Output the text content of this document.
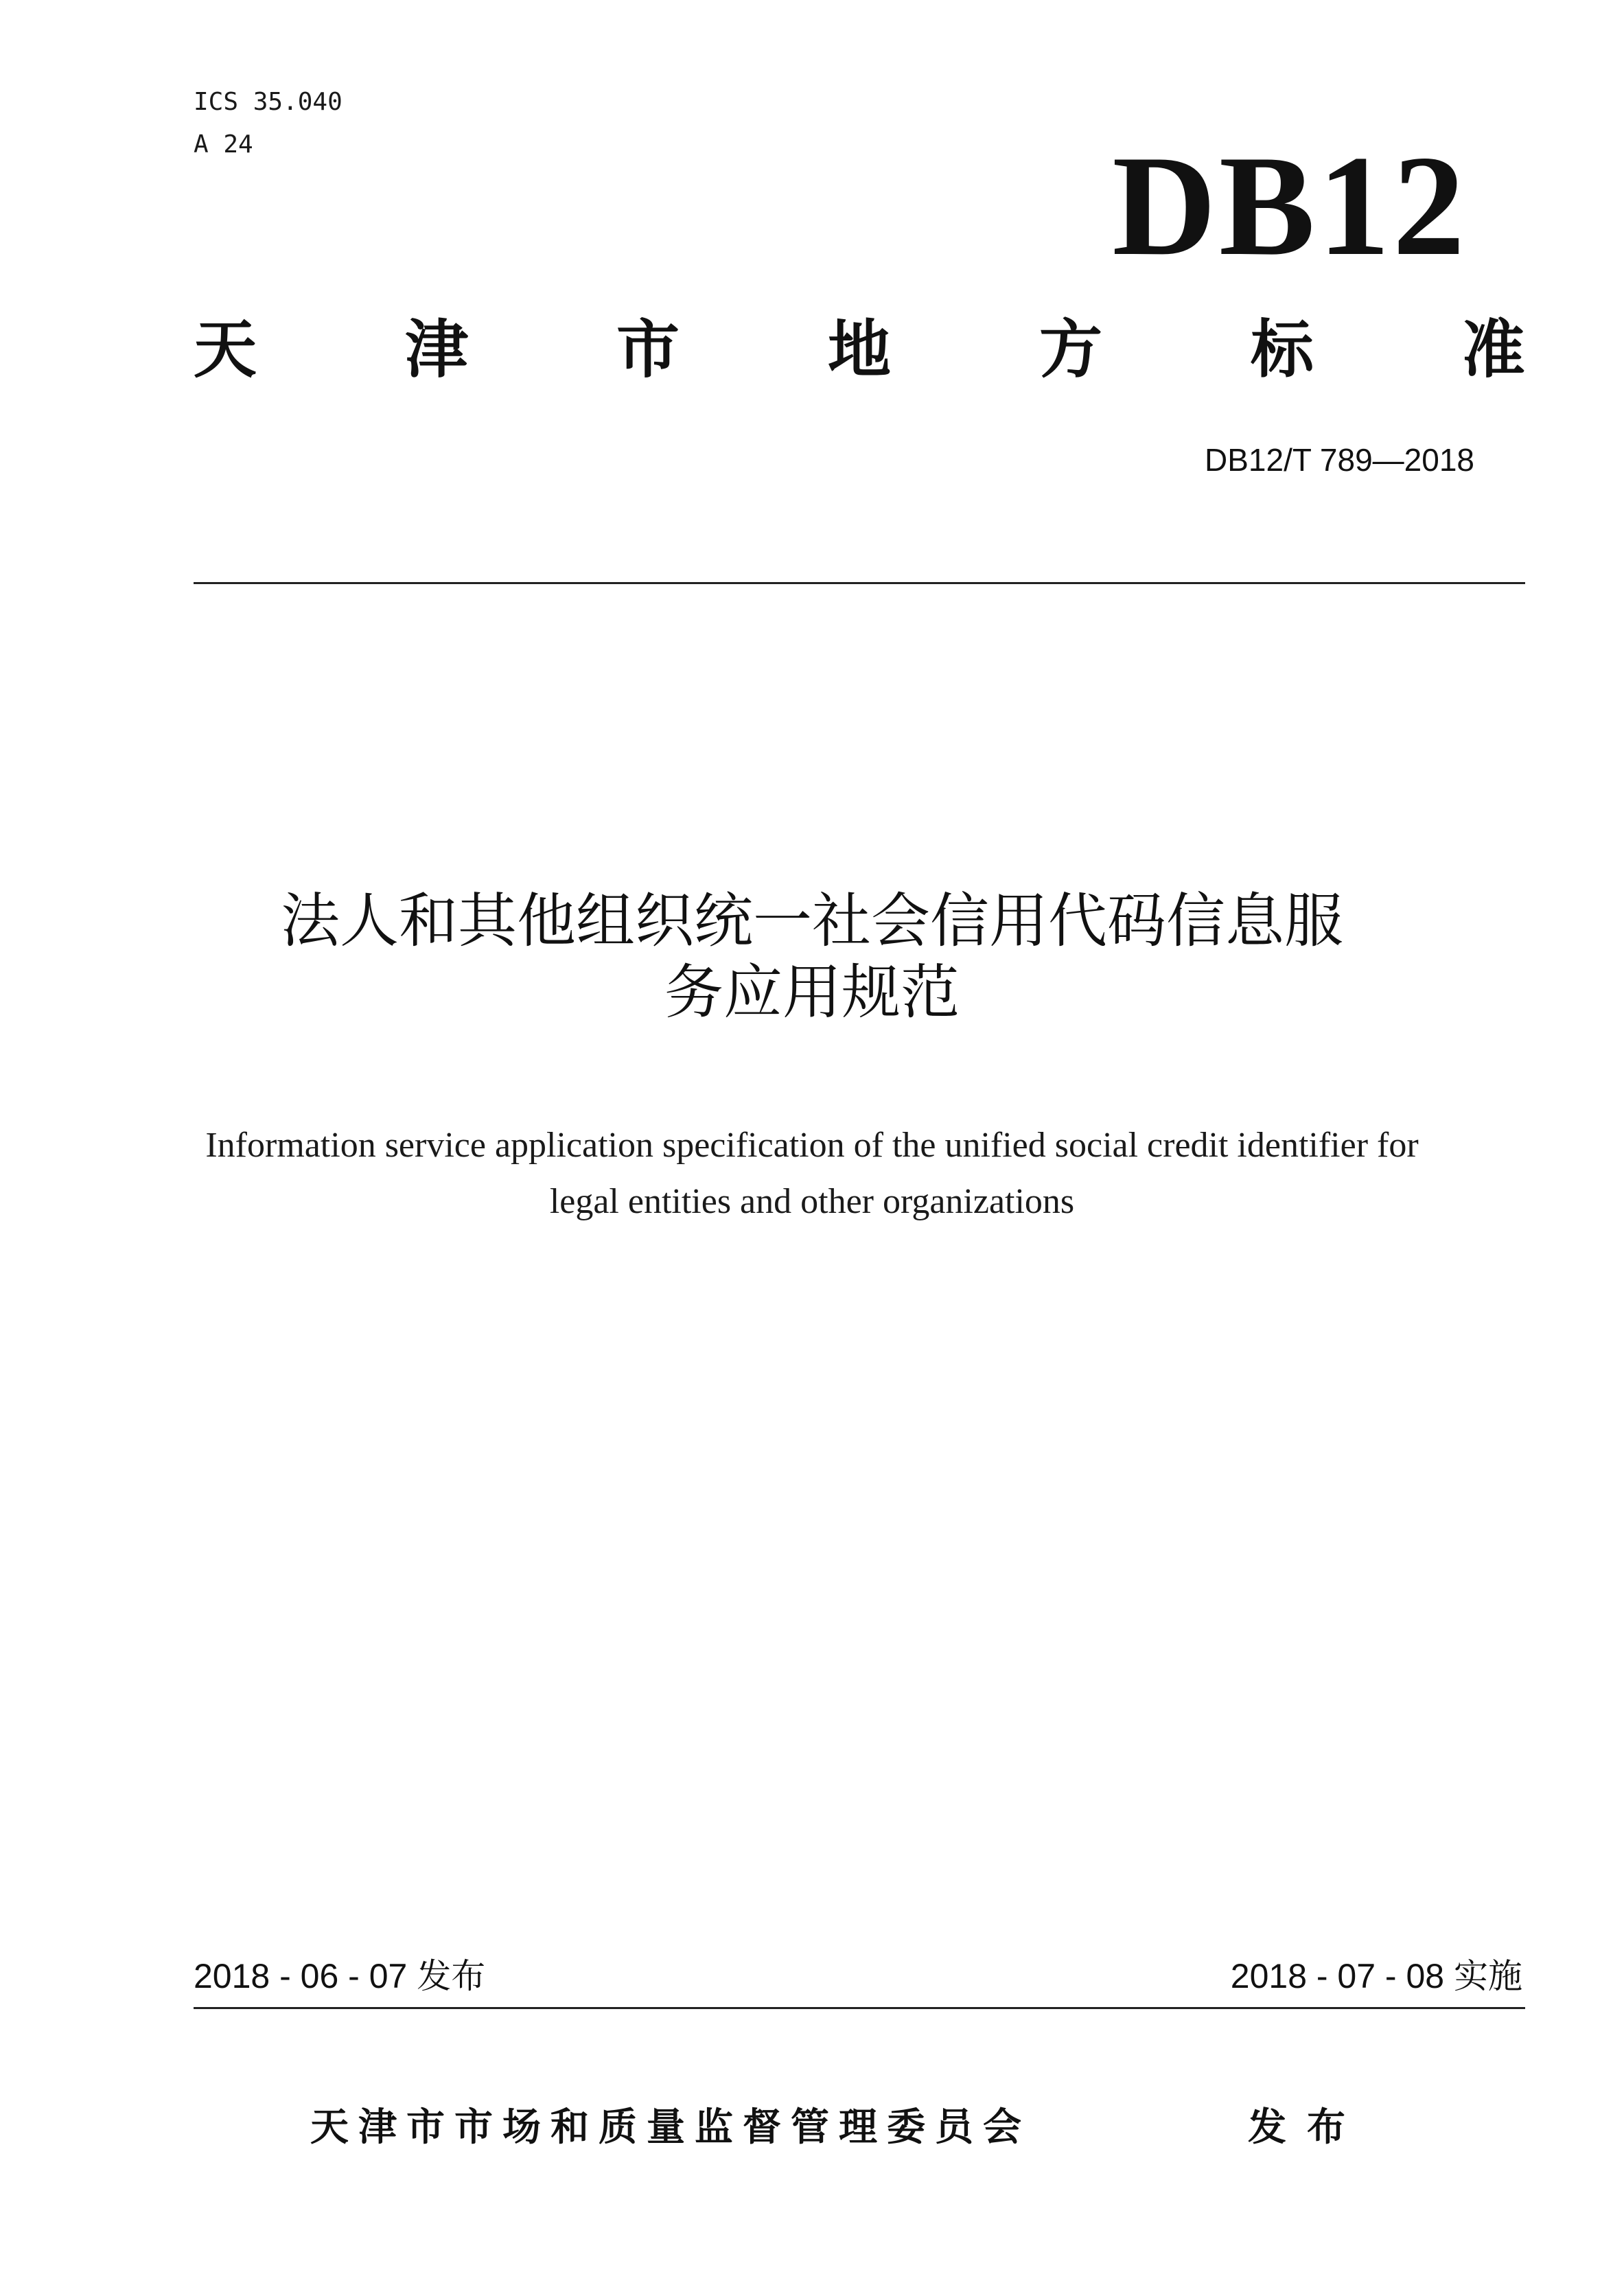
ICS 35.040
A 24	DB12
天 津 市 地 方 标 准
DB12/T 789—2018
法人和其他组织统一社会信用代码信息服
务应用规范
Information service application specification of the unified social credit identifier for
legal entities and other organizations
2018 - 06 - 07 发布	2018 - 07 - 08 实施
天津市市场和质量监督管理委员会	发布
